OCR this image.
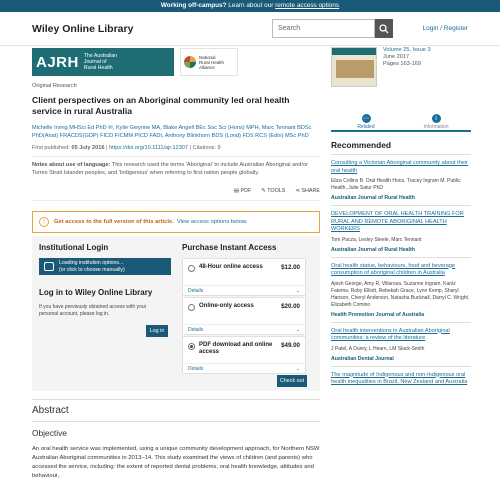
Working off-campus? Learn about our remote access options
Wiley Online Library	Search	Login / Register
AJRH The Australian
Journal of
Rural Health
National
Rural Health
Alliance
Original Research
Client perspectives on an Aboriginal community led oral health service in rural Australia
Michelle Irving MHSci Ed PhD ✉, Kylie Gwynne MA, Blake Angell BEc Soc Sci (Hons) MPH, Marc Tennant BDSc PhD(Anat) FRACDS(GDP) FICD FICMM PICD FADI, Anthony Blinkhorn BDS (Lond) FDS RCS (Edin) MSc PhD
First published: 05 July 2016 | https://doi.org/10.1111/ajr.12307 | Citations: 9
Notes about use of language: This research used the terms 'Aboriginal' to include Australian Aboriginal and/or Torres Strait Islander peoples, and 'Indigenous' when referring to first nation people globally.
▤ PDF ✎ TOOLS ⋖ SHARE
!	Get access to the full version of this article. View access options below.
Institutional Login
Loading institution options...
(or click to choose manually)
Log in to Wiley Online Library
If you have previously obtained access with your personal account, please log in.
Log in
Purchase Instant Access
48-Hour online access	$12.00
Details	⌄
Online-only access	$20.00
Details	⌄
PDF download and online access
$49.00
Details	⌄
Check out
Abstract
Objective

An oral health service was implemented, using a unique community development approach, for Northern NSW Australian Aboriginal communities in 2013–14. This study examined the views of children (and parents) who accessed the service, including: the extent of reported dental problems, oral health knowledge, attitudes and behaviour,

Volume 25, Issue 3
June 2017
Pages 163-169
⋯
Related
i
Information
Recommended
Consulting a Victorian Aboriginal community about their oral health
Eliza Collins B. Oral Health Hons, Tracey Ingram M. Public Health, Julie Satur PhD
Australian Journal of Rural Health
DEVELOPMENT OF ORAL HEALTH TRAINING FOR RURAL AND REMOTE ABORIGINAL HEALTH WORKERS
Tom Pacza, Lesley Steele, Marc Tennant
Australian Journal of Rural Health
Oral health status, behaviours, food and beverage consumption of aboriginal children in Australia
Ajesh George, Amy R. Villarosa, Suzanne Ingram, Kanlz Fatema, Roby Elliott, Rebekah Grace, Lynn Kemp, Sharyl Hanson, Cheryl Anderson, Natasha Bucknall, Darryl C. Wright, Elizabeth Comino
Health Promotion Journal of Australia
Oral health interventions in Australian Aboriginal communities: a review of the literature
J Patel, A Durey, L Hearn, LM Slack-Smith
Australian Dental Journal
The magnitude of Indigenous and non-Indigenous oral health inequalities in Brazil, New Zealand and Australia
